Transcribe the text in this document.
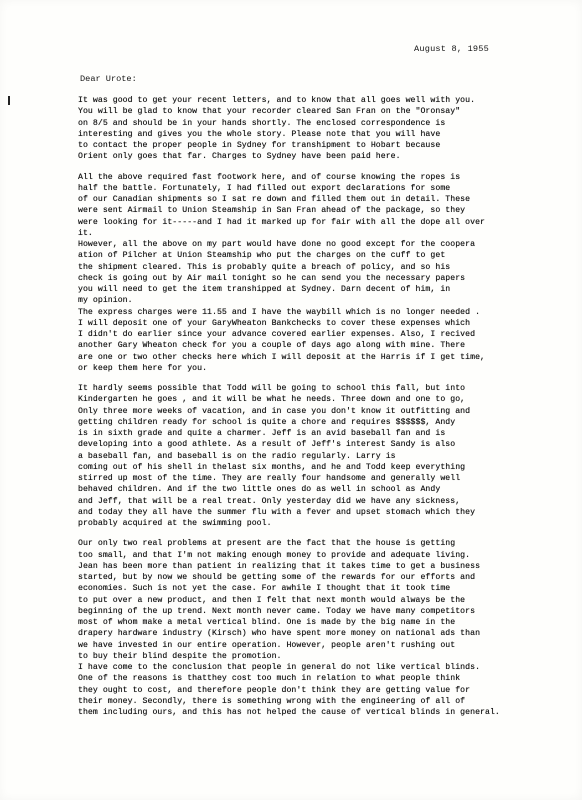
August 8, 1955
Dear Urote:
It was good to get your recent letters, and to know that all goes well with you.
You will be glad to know that your recorder cleared San Fran on the "Oronsay"
on 8/5 and should be in your hands shortly. The enclosed correspondence is
interesting and gives you the whole story. Please note that you will have
to contact the proper people in Sydney for transhipment to Hobart because
Orient only goes that far. Charges to Sydney have been paid here.
All the above required fast footwork here, and of course knowing the ropes is
half the battle. Fortunately, I had filled out export declarations for some
of our Canadian shipments so I sat re down and filled them out in detail. These
were sent Airmail to Union Steamship in San Fran ahead of the package, so they
were looking for it-----and I had it marked up for fair with all the dope all over
it.
However, all the above on my part would have done no good except for the coopera
ation of Pilcher at Union Steamship who put the charges on the cuff to get
the shipment cleared. This is probably quite a breach of policy, and so his
check is going out by Air mail tonight so he can send you the necessary papers
you will need to get the item transhipped at Sydney. Darn decent of him, in
my opinion.
The express charges were 11.55 and I have the waybill which is no longer needed .
I will deposit one of your GaryWheaton Bankchecks to cover these expenses which
I didn't do earlier since your advance covered earlier expenses. Also, I recived
another Gary Wheaton check for you a couple of days ago along with mine. There
are one or two other checks here which I will deposit at the Harris if I get time,
or keep them here for you.
It hardly seems possible that Todd will be going to school this fall, but into
Kindergarten he goes , and it will be what he needs. Three down and one to go,
Only three more weeks of vacation, and in case you don't know it outfitting and
getting children ready for school is quite a chore and requires $$$$$$, Andy
is in sixth grade and quite a charmer. Jeff is an avid baseball fan and is
developing into a good athlete. As a result of Jeff's interest Sandy is also
a baseball fan, and baseball is on the radio regularly. Larry is
coming out of his shell in thelast six months, and he and Todd keep everything
stirred up most of the time. They are really four handsome and generally well
behaved children. And if the two little ones do as well in school as Andy
and Jeff, that will be a real treat. Only yesterday did we have any sickness,
and today they all have the summer flu with a fever and upset stomach which they
probably acquired at the swimming pool.
Our only two real problems at present are the fact that the house is getting
too small, and that I'm not making enough money to provide and adequate living.
Jean has been more than patient in realizing that it takes time to get a business
started, but by now we should be getting some of the rewards for our efforts and
economies. Such is not yet the case. For awhile I thought that it took time
to put over a new product, and then I felt that next month would always be the
beginning of the up trend. Next month never came. Today we have many competitors
most of whom make a metal vertical blind. One is made by the big name in the
drapery hardware industry (Kirsch) who have spent more money on national ads than
we have invested in our entire operation. However, people aren't rushing out
to buy their blind despite the promotion.
I have come to the conclusion that people in general do not like vertical blinds.
One of the reasons is thatthey cost too much in relation to what people think
they ought to cost, and therefore people don't think they are getting value for
their money. Secondly, there is something wrong with the engineering of all of
them including ours, and this has not helped the cause of vertical blinds in general.
